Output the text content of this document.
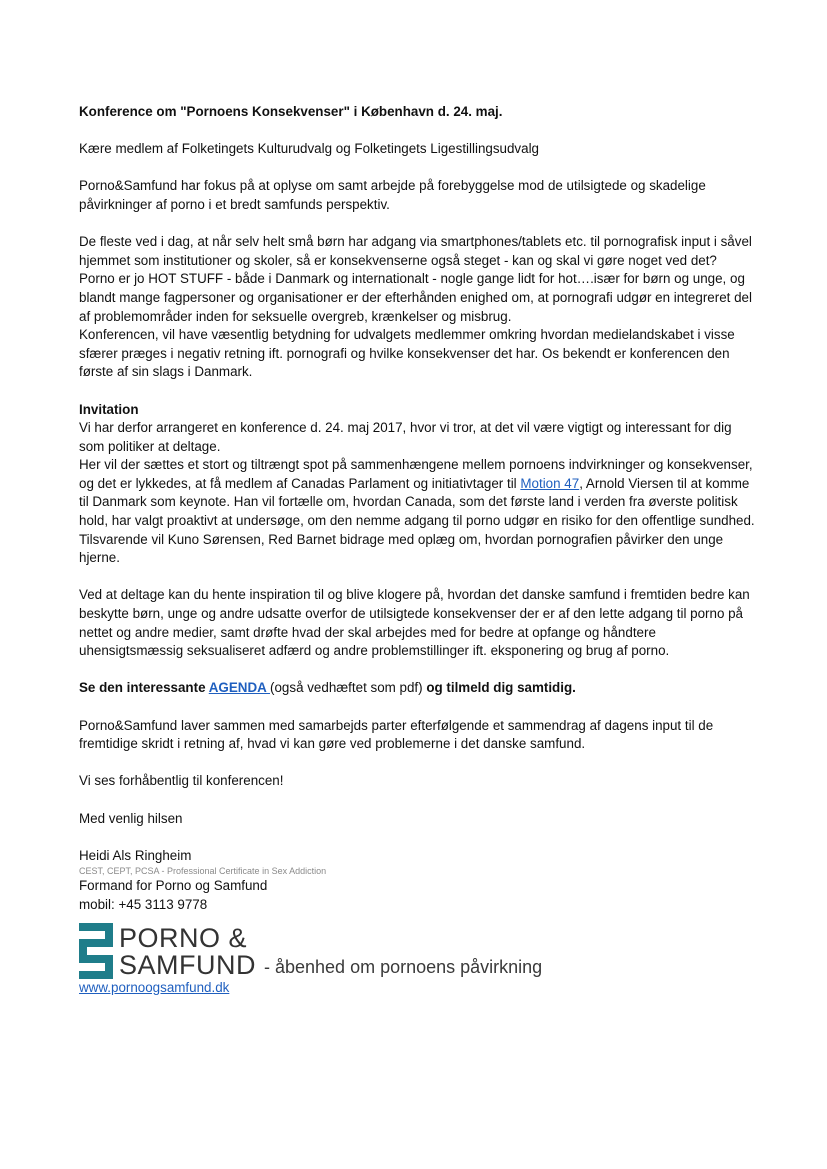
Konference om "Pornoens Konsekvenser" i København d. 24. maj.

Kære medlem af Folketingets Kulturudvalg og Folketingets Ligestillingsudvalg

Porno&Samfund har fokus på at oplyse om samt arbejde på forebyggelse mod de utilsigtede og skadelige påvirkninger af porno i et bredt samfunds perspektiv.

De fleste ved i dag, at når selv helt små børn har adgang via smartphones/tablets etc. til pornografisk input i såvel hjemmet som institutioner og skoler, så er konsekvenserne også steget - kan og skal vi gøre noget ved det?

Porno er jo HOT STUFF - både i Danmark og internationalt - nogle gange lidt for hot….især for børn og unge, og blandt mange fagpersoner og organisationer er der efterhånden enighed om, at pornografi udgør en integreret del af problemområder inden for seksuelle overgreb, krænkelser og misbrug.

Konferencen, vil have væsentlig betydning for udvalgets medlemmer omkring hvordan medielandskabet i visse sfærer præges i negativ retning ift. pornografi og hvilke konsekvenser det har. Os bekendt er konferencen den første af sin slags i Danmark.

Invitation

Vi har derfor arrangeret en konference d. 24. maj 2017, hvor vi tror, at det vil være vigtigt og interessant for dig som politiker at deltage.

Her vil der sættes et stort og tiltrængt spot på sammenhængene mellem pornoens indvirkninger og konsekvenser, og det er lykkedes, at få medlem af Canadas Parlament og initiativtager til Motion 47, Arnold Viersen til at komme til Danmark som keynote. Han vil fortælle om, hvordan Canada, som det første land i verden fra øverste politisk hold, har valgt proaktivt at undersøge, om den nemme adgang til porno udgør en risiko for den offentlige sundhed.

Tilsvarende vil Kuno Sørensen, Red Barnet bidrage med oplæg om, hvordan pornografien påvirker den unge hjerne.

Ved at deltage kan du hente inspiration til og blive klogere på, hvordan det danske samfund i fremtiden bedre kan beskytte børn, unge og andre udsatte overfor de utilsigtede konsekvenser der er af den lette adgang til porno på nettet og andre medier, samt drøfte hvad der skal arbejdes med for bedre at opfange og håndtere uhensigtsmæssig seksualiseret adfærd og andre problemstillinger ift. eksponering og brug af porno.

Se den interessante AGENDA (også vedhæftet som pdf) og tilmeld dig samtidig.

Porno&Samfund laver sammen med samarbejds parter efterfølgende et sammendrag af dagens input til de fremtidige skridt i retning af, hvad vi kan gøre ved problemerne i det danske samfund.

Vi ses forhåbentlig til konferencen!

Med venlig hilsen

Heidi Als Ringheim

CEST, CEPT, PCSA - Professional Certificate in Sex Addiction

Formand for Porno og Samfund

mobil: +45 3113 9778

PORNO &
SAMFUND - åbenhed om pornoens påvirkning

www.pornoogsamfund.dk
